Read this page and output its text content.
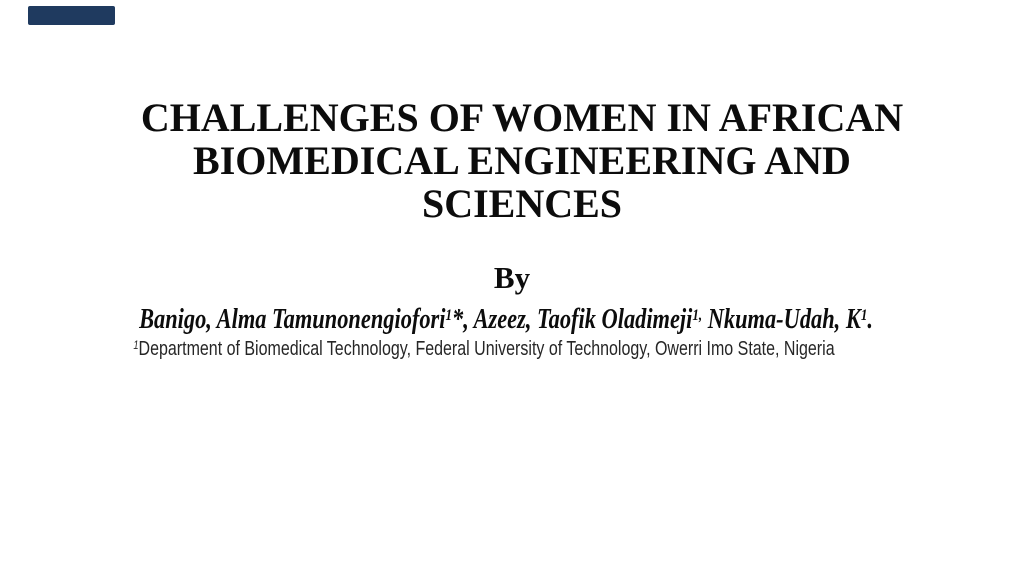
CHALLENGES OF WOMEN IN AFRICAN
BIOMEDICAL ENGINEERING AND
SCIENCES
By
Banigo, Alma Tamunonengiofori$^1$*, Azeez, Taofik Oladimeji$^{1,}$ Nkuma-Udah, $K^1$.
$^1$Department of Biomedical Technology, Federal University of Technology, Owerri Imo State, Nigeria
